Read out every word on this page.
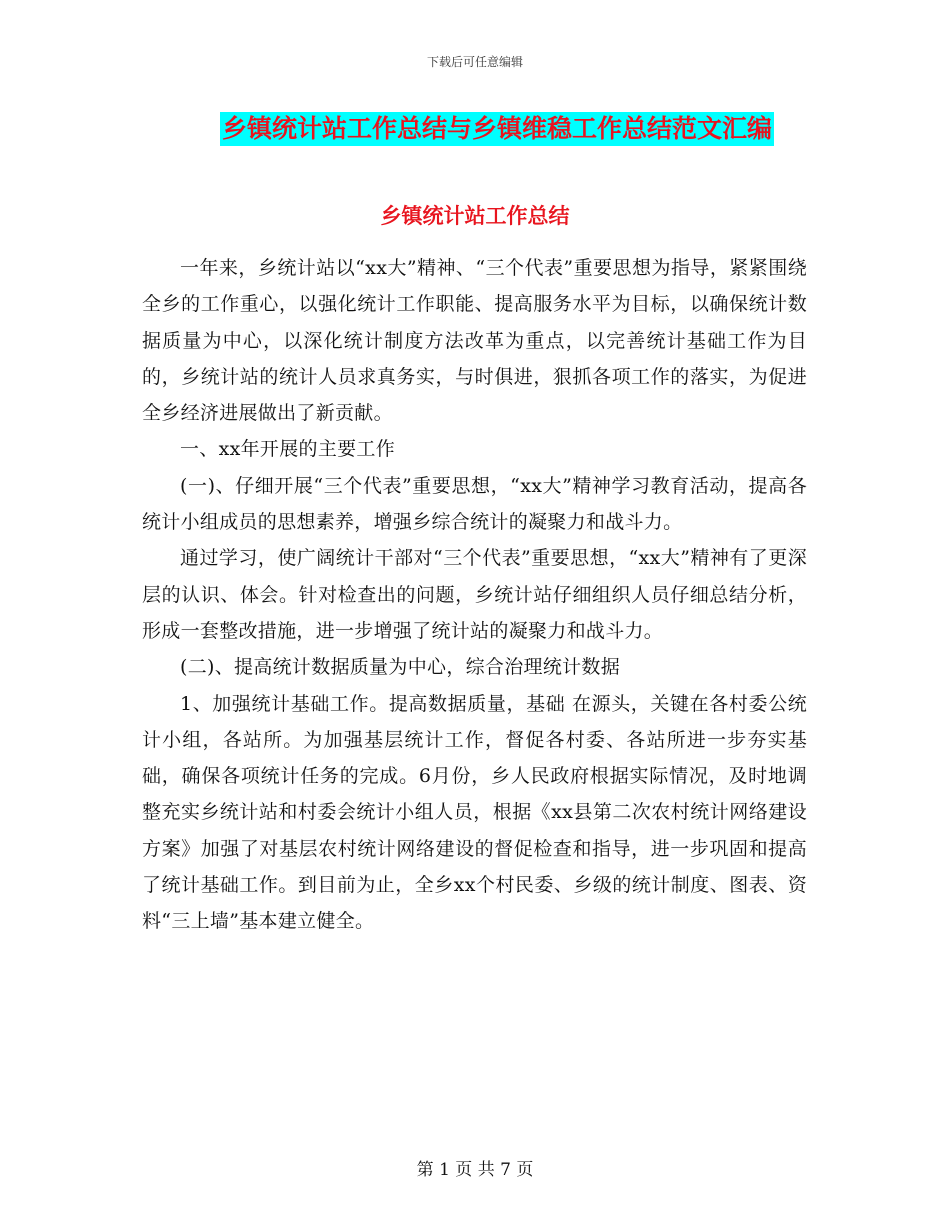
下载后可任意编辑
乡镇统计站工作总结与乡镇维稳工作总结范文汇编
乡镇统计站工作总结

一年来，乡统计站以“xx大”精神、“三个代表”重要思想为指导，紧紧围绕全乡的工作重心，以强化统计工作职能、提高服务水平为目标，以确保统计数据质量为中心，以深化统计制度方法改革为重点，以完善统计基础工作为目的，乡统计站的统计人员求真务实，与时俱进，狠抓各项工作的落实，为促进全乡经济进展做出了新贡献。

一、xx年开展的主要工作

(一)、仔细开展“三个代表”重要思想，“xx大”精神学习教育活动，提高各统计小组成员的思想素养，增强乡综合统计的凝聚力和战斗力。

通过学习，使广阔统计干部对“三个代表”重要思想，“xx大”精神有了更深层的认识、体会。针对检查出的问题，乡统计站仔细组织人员仔细总结分析，形成一套整改措施，进一步增强了统计站的凝聚力和战斗力。

(二)、提高统计数据质量为中心，综合治理统计数据

1、加强统计基础工作。提高数据质量，基础 在源头，关键在各村委公统计小组，各站所。为加强基层统计工作，督促各村委、各站所进一步夯实基础，确保各项统计任务的完成。6月份，乡人民政府根据实际情况，及时地调整充实乡统计站和村委会统计小组人员，根据《xx县第二次农村统计网络建设方案》加强了对基层农村统计网络建设的督促检查和指导，进一步巩固和提高了统计基础工作。到目前为止，全乡xx个村民委、乡级的统计制度、图表、资料“三上墙”基本建立健全。

第 1 页 共 7 页
